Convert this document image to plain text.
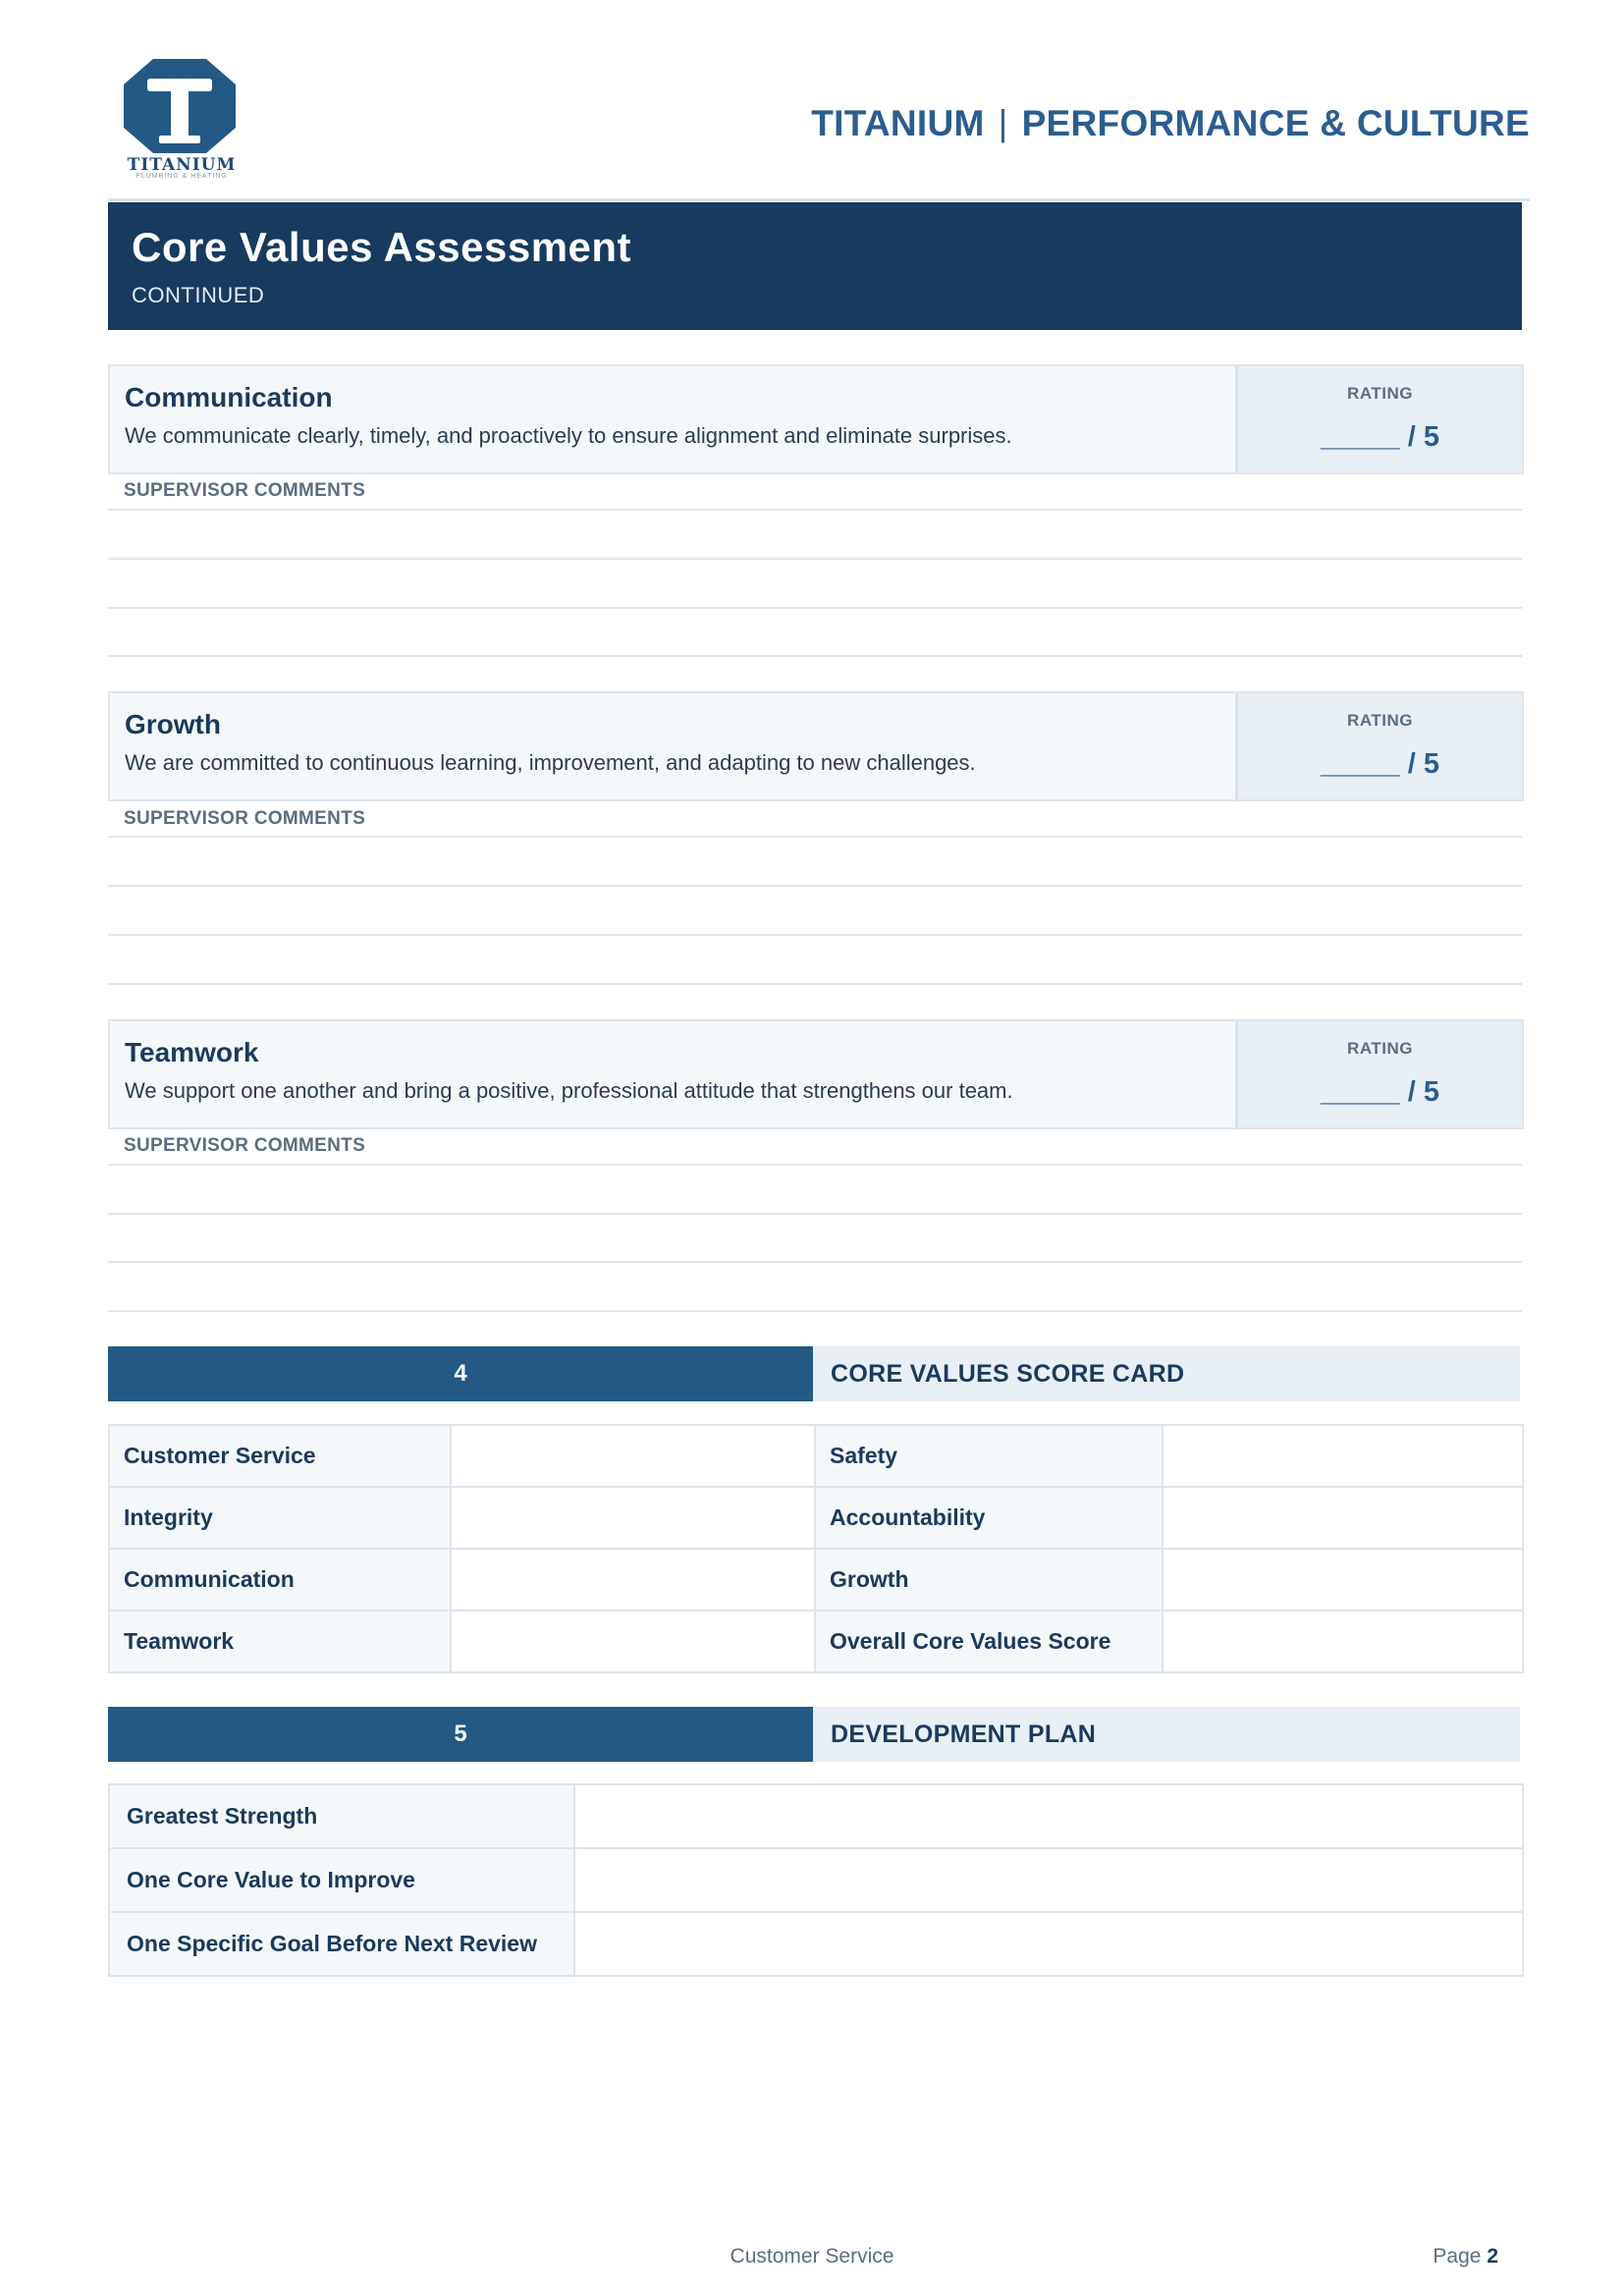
TITANIUM
PLUMBING & HEATING
TITANIUM | PERFORMANCE & CULTURE
Core Values Assessment
CONTINUED
Communication
We communicate clearly, timely, and proactively to ensure alignment and eliminate surprises.
RATING
_____ / 5
SUPERVISOR COMMENTS
Growth
We are committed to continuous learning, improvement, and adapting to new challenges.
RATING
_____ / 5
SUPERVISOR COMMENTS
Teamwork
We support one another and bring a positive, professional attitude that strengthens our team.
RATING
_____ / 5
SUPERVISOR COMMENTS
4	CORE VALUES SCORE CARD
Customer Service		Safety	
Integrity		Accountability	
Communication		Growth	
Teamwork		Overall Core Values Score	
5	DEVELOPMENT PLAN
Greatest Strength	
One Core Value to Improve	
One Specific Goal Before Next Review	
Customer Service	Page 2
